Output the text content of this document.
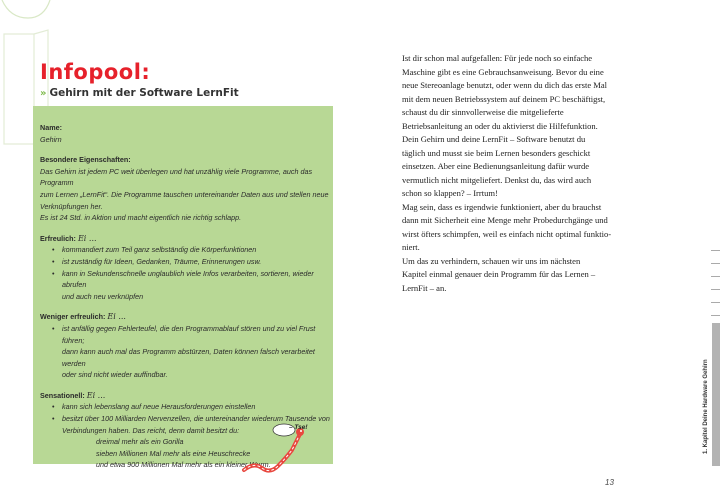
Infopool:
» Gehirn mit der Software LernFit

Name:

Gehirn

Besondere Eigenschaften:

Das Gehirn ist jedem PC weit überlegen und hat unzählig viele Programme, auch das Programm

zum Lernen „LernFit“. Die Programme tauschen untereinander Daten aus und stellen neue

Verknüpfungen her.

Es ist 24 Std. in Aktion und macht eigentlich nie richtig schlapp.

Erfreulich: Ei ...

• kommandiert zum Teil ganz selbständig die Körperfunktionen
• ist zuständig für Ideen, Gedanken, Träume, Erinnerungen usw.
• kann in Sekundenschnelle unglaublich viele Infos verarbeiten, sortieren, wieder abrufen

und auch neu verknüpfen

Weniger erfreulich: Ei ...

• ist anfällig gegen Fehlerteufel, die den Programmablauf stören und zu viel Frust führen;

dann kann auch mal das Programm abstürzen, Daten können falsch verarbeitet werden

oder sind nicht wieder auffindbar.

Sensationell: Ei ...

• kann sich lebenslang auf neue Herausforderungen einstellen
• besitzt über 100 Milliarden Nervenzellen, die untereinander wiederum Tausende von

Verbindungen haben. Das reicht, denn damit besitzt du:

dreimal mehr als ein Gorilla

sieben Millionen Mal mehr als eine Heuschrecke

und etwa 900 Millionen Mal mehr als ein kleiner Wurm.

– Tse!

Ist dir schon mal aufgefallen: Für jede noch so einfache

Maschine gibt es eine Gebrauchsanweisung. Bevor du eine

neue Stereoanlage benutzt, oder wenn du dich das erste Mal

mit dem neuen Betriebssystem auf deinem PC beschäftigst,

schaust du dir sinnvollerweise die mitgelieferte

Betriebsanleitung an oder du aktivierst die Hilfefunktion.

Dein Gehirn und deine LernFit – Software benutzt du

täglich und musst sie beim Lernen besonders geschickt

einsetzen. Aber eine Bedienungsanleitung dafür wurde

vermutlich nicht mitgeliefert. Denkst du, das wird auch

schon so klappen? – Irrtum!

Mag sein, dass es irgendwie funktioniert, aber du brauchst

dann mit Sicherheit eine Menge mehr Probedurchgänge und

wirst öfters schimpfen, weil es einfach nicht optimal funktio-

niert.

Um das zu verhindern, schauen wir uns im nächsten

Kapitel einmal genauer dein Programm für das Lernen –

LernFit – an.

1. Kapitel Deine Hardware Gehirn
13
